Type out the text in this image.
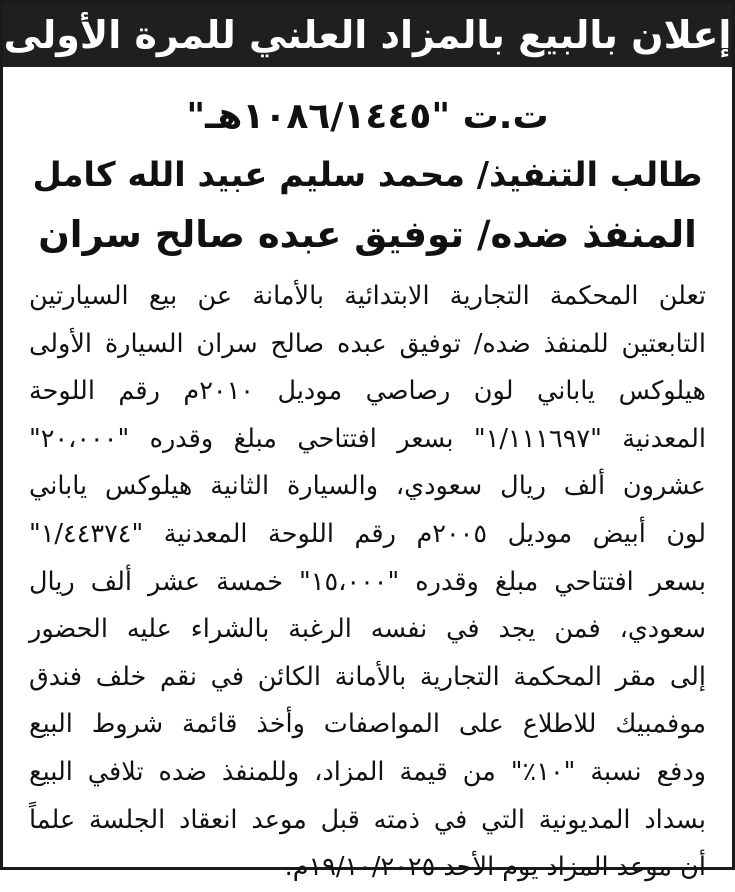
إعلان بالبيع بالمزاد العلني للمرة الأولى
ت.ت "١٠٨٦/١٤٤٥هـ"
طالب التنفيذ/ محمد سليم عبيد الله كامل
المنفذ ضده/ توفيق عبده صالح سران
تعلن المحكمة التجارية الابتدائية بالأمانة عن بيع السيارتين
التابعتين للمنفذ ضده/ توفيق عبده صالح سران السيارة الأولى
هيلوكس ياباني لون رصاصي موديل ٢٠١٠م رقم اللوحة
المعدنية "١/١١١٦٩٧" بسعر افتتاحي مبلغ وقدره "٢٠،٠٠٠"
عشرون ألف ريال سعودي، والسيارة الثانية هيلوكس ياباني
لون أبيض موديل ٢٠٠٥م رقم اللوحة المعدنية "١/٤٤٣٧٤"
بسعر افتتاحي مبلغ وقدره "١٥،٠٠٠" خمسة عشر ألف ريال
سعودي، فمن يجد في نفسه الرغبة بالشراء عليه الحضور
إلى مقر المحكمة التجارية بالأمانة الكائن في نقم خلف فندق
موفمبيك للاطلاع على المواصفات وأخذ قائمة شروط البيع
ودفع نسبة "١٠٪" من قيمة المزاد، وللمنفذ ضده تلافي البيع
بسداد المديونية التي في ذمته قبل موعد انعقاد الجلسة علماً
أن موعد المزاد يوم الأحد ١٩/١٠/٢٠٢٥م.
